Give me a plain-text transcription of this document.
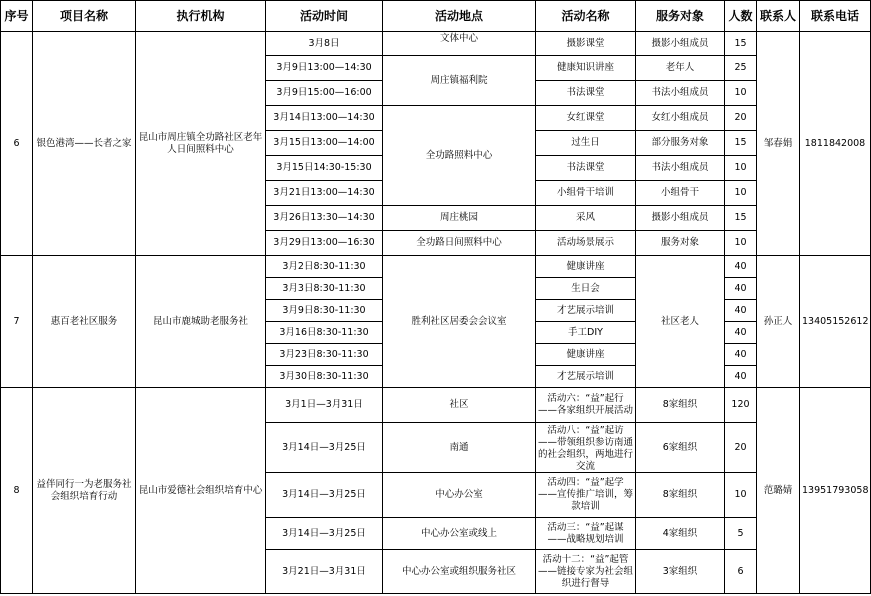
序号	项目名称	执行机构	活动时间	活动地点	活动名称	服务对象	人数	联系人	联系电话
6	银色港湾——长者之家	昆山市周庄镇全功路社区老年人日间照料中心	3月8日	文体中心	摄影课堂	摄影小组成员	15	邹春娟	1811842008
			3月9日13:00—14:30	周庄镇福利院	健康知识讲座	老年人	25		
			3月9日15:00—16:00		书法课堂	书法小组成员	10		
			3月14日13:00—14:30	全功路照料中心	女红课堂	女红小组成员	20		
			3月15日13:00—14:00		过生日	部分服务对象	15		
			3月15日14:30-15:30		书法课堂	书法小组成员	10		
			3月21日13:00—14:30		小组骨干培训	小组骨干	10		
			3月26日13:30—14:30	周庄桃园	采风	摄影小组成员	15		
			3月29日13:00—16:30	全功路日间照料中心	活动场景展示	服务对象	10		
7	惠百老社区服务	昆山市鹿城助老服务社	3月2日8:30-11:30	胜利社区居委会会议室	健康讲座	社区老人	40	孙正人	13405152612
			3月3日8:30-11:30		生日会		40		
			3月9日8:30-11:30		才艺展示培训		40		
			3月16日8:30-11:30		手工DIY		40		
			3月23日8:30-11:30		健康讲座		40		
			3月30日8:30-11:30		才艺展示培训		40		
8	益伴同行一为老服务社会组织培育行动	昆山市爱德社会组织培育中心	3月1日—3月31日	社区	活动六：“益”起行——各家组织开展活动	8家组织	120	范璐婧	13951793058
			3月14日—3月25日	南通	活动八：“益”起访——带领组织参访南通的社会组织，两地进行交流	6家组织	20		
			3月14日—3月25日	中心办公室	活动四：“益”起学——宣传推广培训，筹款培训	8家组织	10		
			3月14日—3月25日	中心办公室或线上	活动三：“益”起谋——战略规划培训	4家组织	5		
			3月21日—3月31日	中心办公室或组织服务社区	活动十二：“益”起管——链接专家为社会组织进行督导	3家组织	6		
